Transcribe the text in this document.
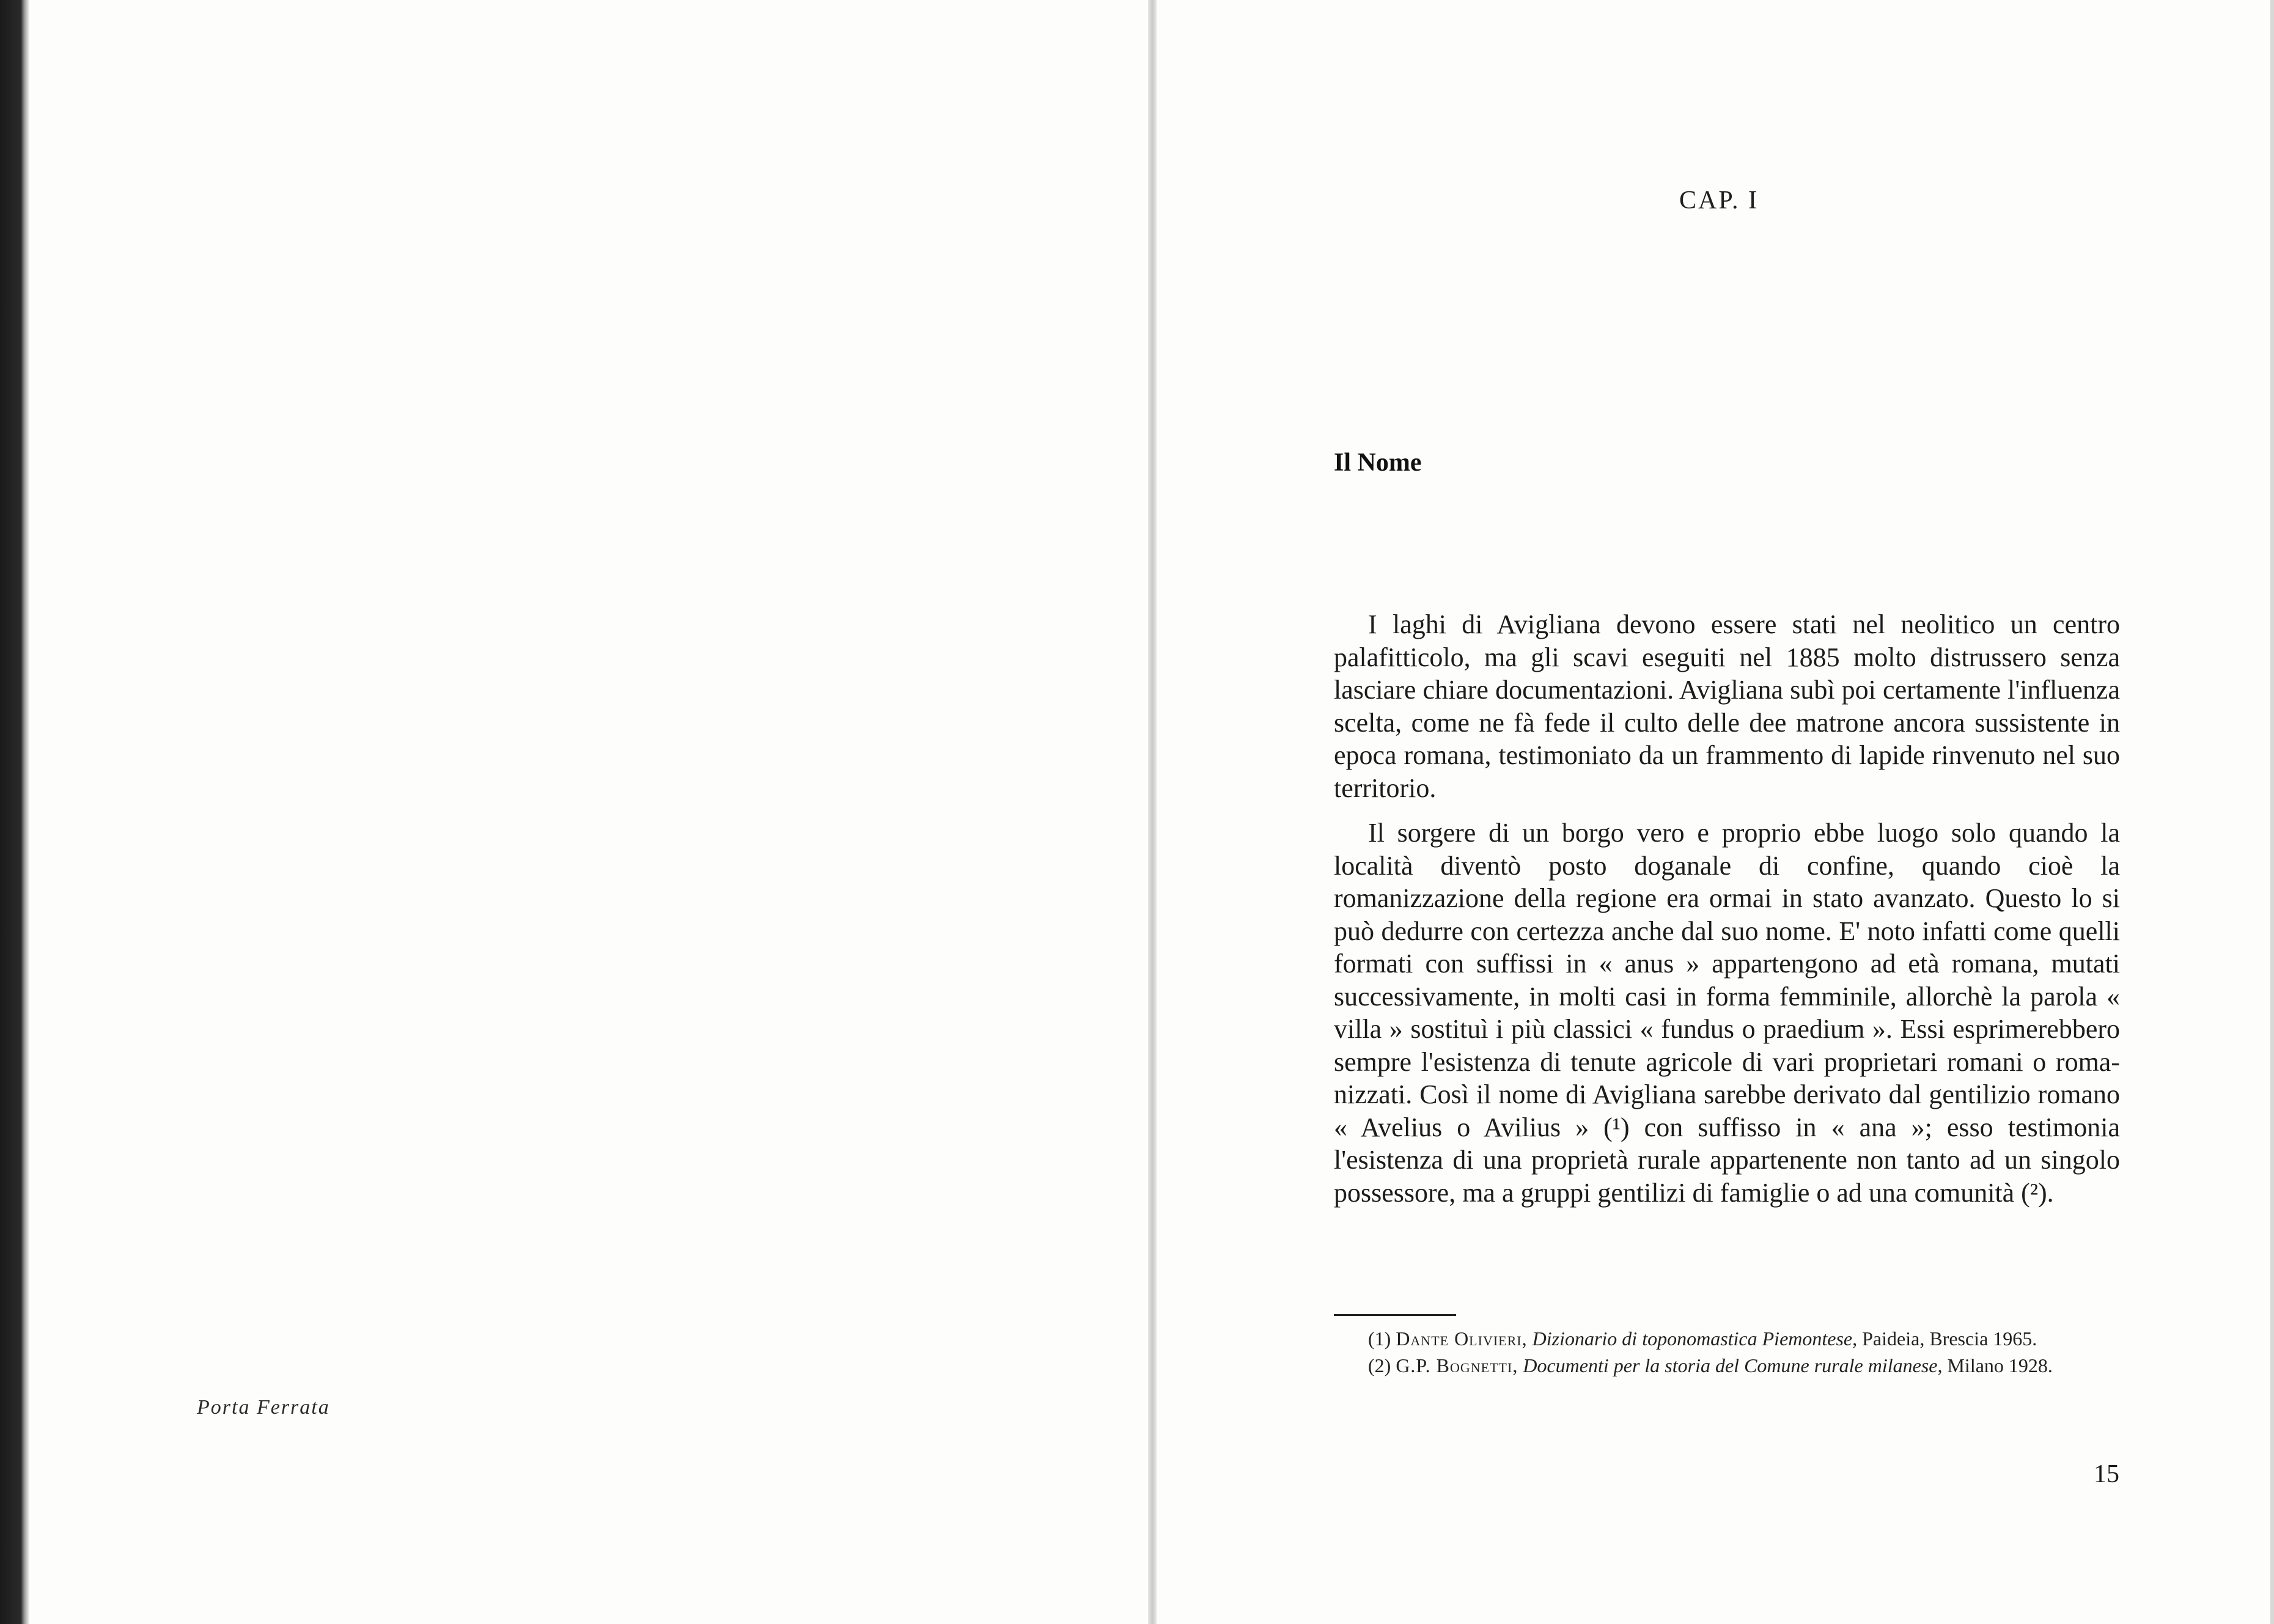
Porta Ferrata
CAP. I
Il Nome

I laghi di Avigliana devono essere stati nel neolitico un centro palafitticolo, ma gli scavi eseguiti nel 1885 molto distrussero senza lasciare chiare documentazioni. Avigliana subì poi certamente l'influenza scelta, come ne fà fede il culto delle dee matrone ancora sussistente in epoca romana, testimoniato da un frammento di lapide rinvenuto nel suo territorio.

Il sorgere di un borgo vero e proprio ebbe luogo solo quando la località diventò posto doganale di confine, quando cioè la romanizzazione della regione era ormai in stato avanzato. Questo lo si può dedurre con certezza anche dal suo nome. E' noto infatti come quelli formati con suffissi in « anus » appartengono ad età romana, mutati successivamente, in molti casi in forma femminile, allorchè la parola « villa » sostituì i più classici « fundus o praedium ». Essi esprimerebbero sempre l'esistenza di tenute agricole di vari proprietari romani o romanizzati. Così il nome di Avigliana sarebbe derivato dal gentilizio romano « Avelius o Avilius » (¹) con suffisso in « ana »; esso testimonia l'esistenza di una proprietà rurale appartenente non tanto ad un singolo possessore, ma a gruppi gentilizi di famiglie o ad una comunità (²).

(1) Dante Olivieri, Dizionario di toponomastica Piemontese, Paideia, Brescia 1965.

(2) G.P. Bognetti, Documenti per la storia del Comune rurale milanese, Milano 1928.

15
